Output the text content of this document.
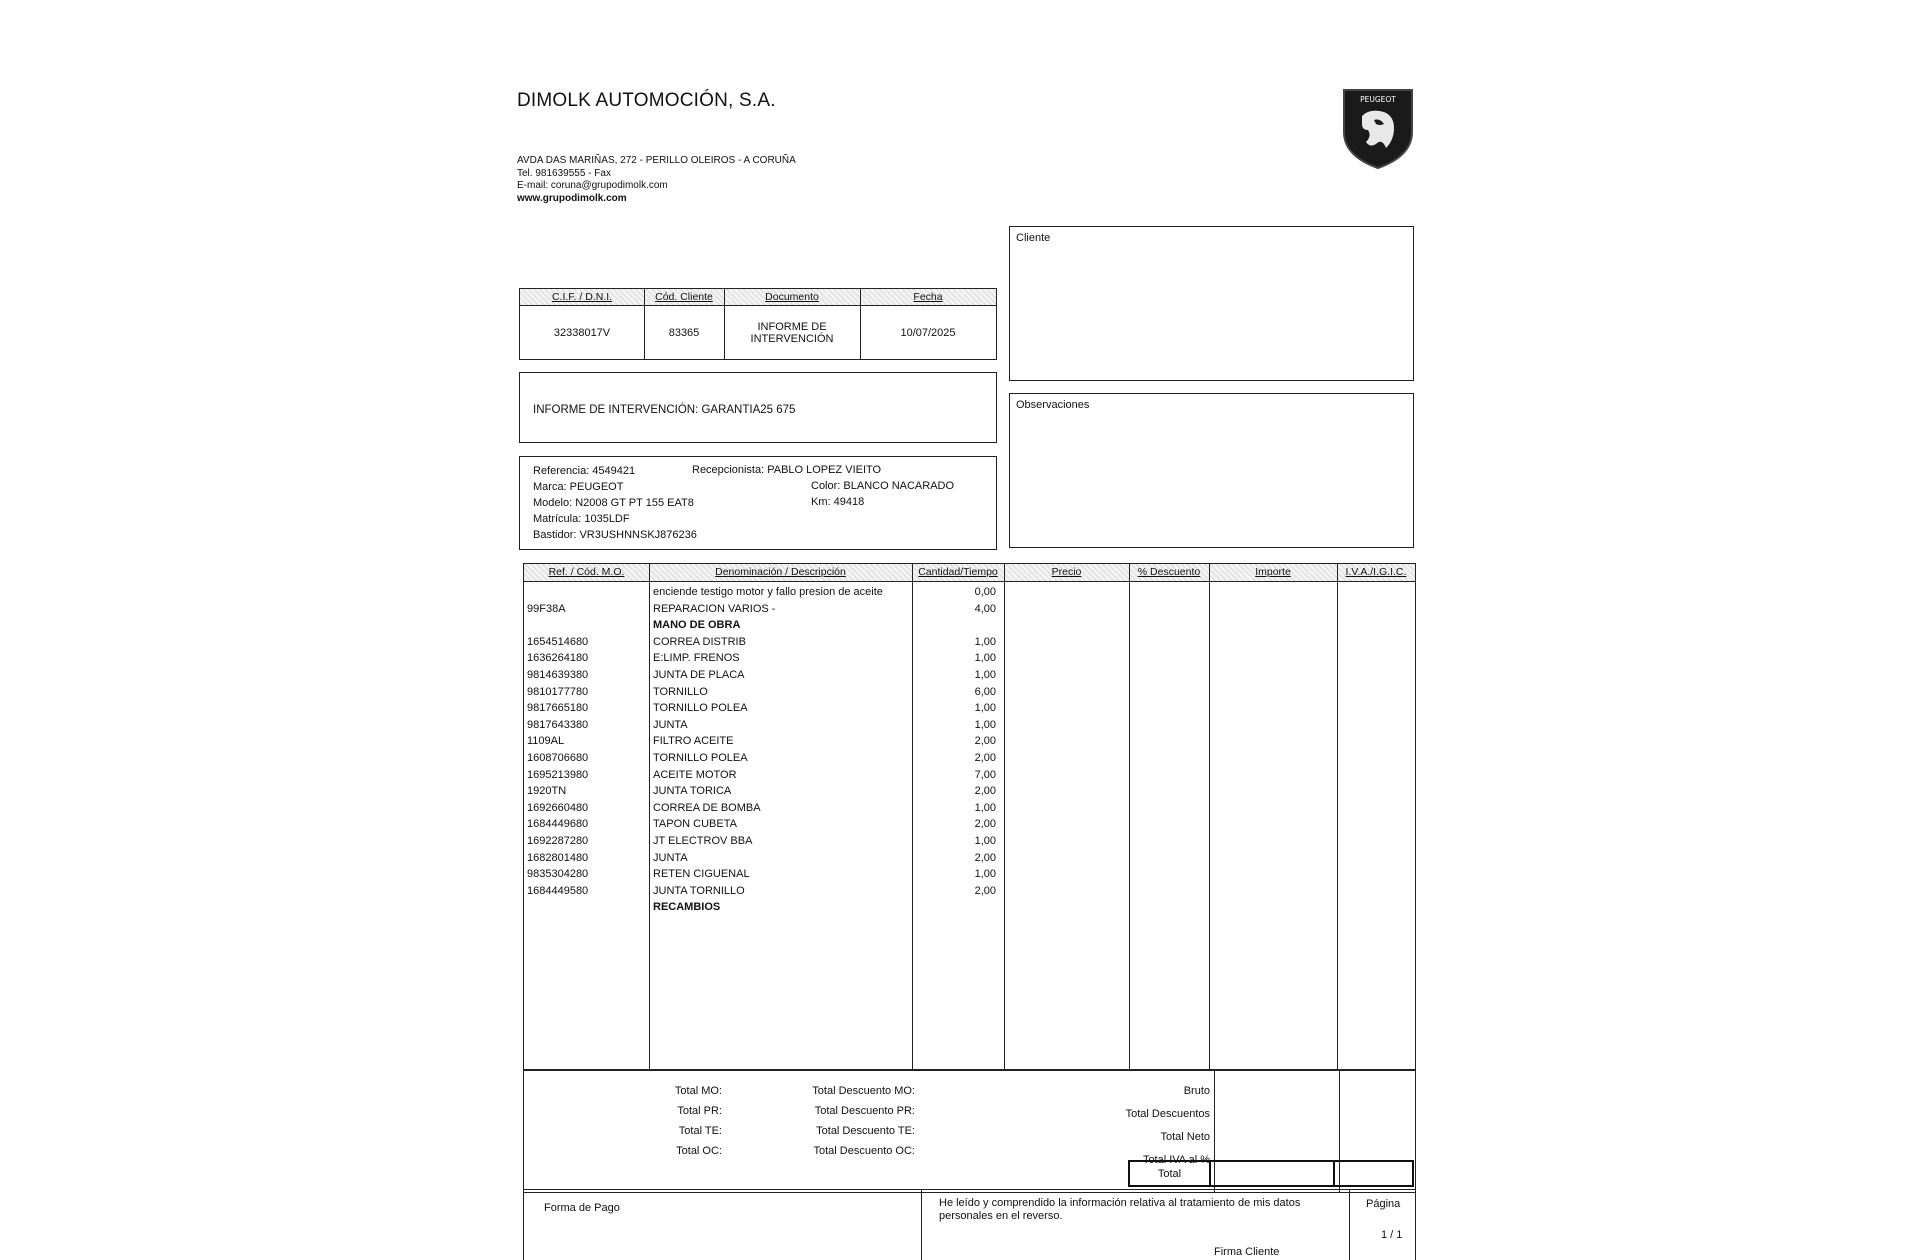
DIMOLK AUTOMOCIÓN, S.A.
AVDA DAS MARIÑAS, 272 - PERILLO OLEIROS - A CORUÑA
Tel. 981639555 - Fax
E-mail: coruna@grupodimolk.com
www.grupodimolk.com
PEUGEOT
C.I.F. / D.N.I.	Cód. Cliente	Documento	Fecha
32338017V	83365	INFORME DE INTERVENCIÓN	10/07/2025
INFORME DE INTERVENCIÓN: GARANTIA25 675
Referencia: 4549421	Recepcionista: PABLO LOPEZ VIEITO
Marca: PEUGEOT	Color: BLANCO NACARADO
Modelo: N2008 GT PT 155 EAT8	Km: 49418
Matrícula: 1035LDF
Bastidor: VR3USHNNSKJ876236
Cliente
Observaciones
Ref. / Cód. M.O.	Denominación / Descripción	Cantidad/Tiempo	Precio	% Descuento	Importe	I.V.A./I.G.I.C.
enciende testigo motor y fallo presion de aceite	0,00
99F38A	REPARACION VARIOS -	4,00
MANO DE OBRA
1654514680	CORREA DISTRIB	1,00
1636264180	E:LIMP. FRENOS	1,00
9814639380	JUNTA DE PLACA	1,00
9810177780	TORNILLO	6,00
9817665180	TORNILLO POLEA	1,00
9817643380	JUNTA	1,00
1109AL	FILTRO ACEITE	2,00
1608706680	TORNILLO POLEA	2,00
1695213980	ACEITE MOTOR	7,00
1920TN	JUNTA TORICA	2,00
1692660480	CORREA DE BOMBA	1,00
1684449680	TAPON CUBETA	2,00
1692287280	JT ELECTROV BBA	1,00
1682801480	JUNTA	2,00
9835304280	RETEN CIGUENAL	1,00
1684449580	JUNTA TORNILLO	2,00
RECAMBIOS
Total MO:
Total PR:
Total TE:
Total OC:
Total Descuento MO:
Total Descuento PR:
Total Descuento TE:
Total Descuento OC:
Bruto
Total Descuentos
Total Neto
Total IVA al %
Total
Forma de Pago	He leído y comprendido la información relativa al tratamiento de mis datos
personales en el reverso.
Firma Cliente
Página
1 / 1
